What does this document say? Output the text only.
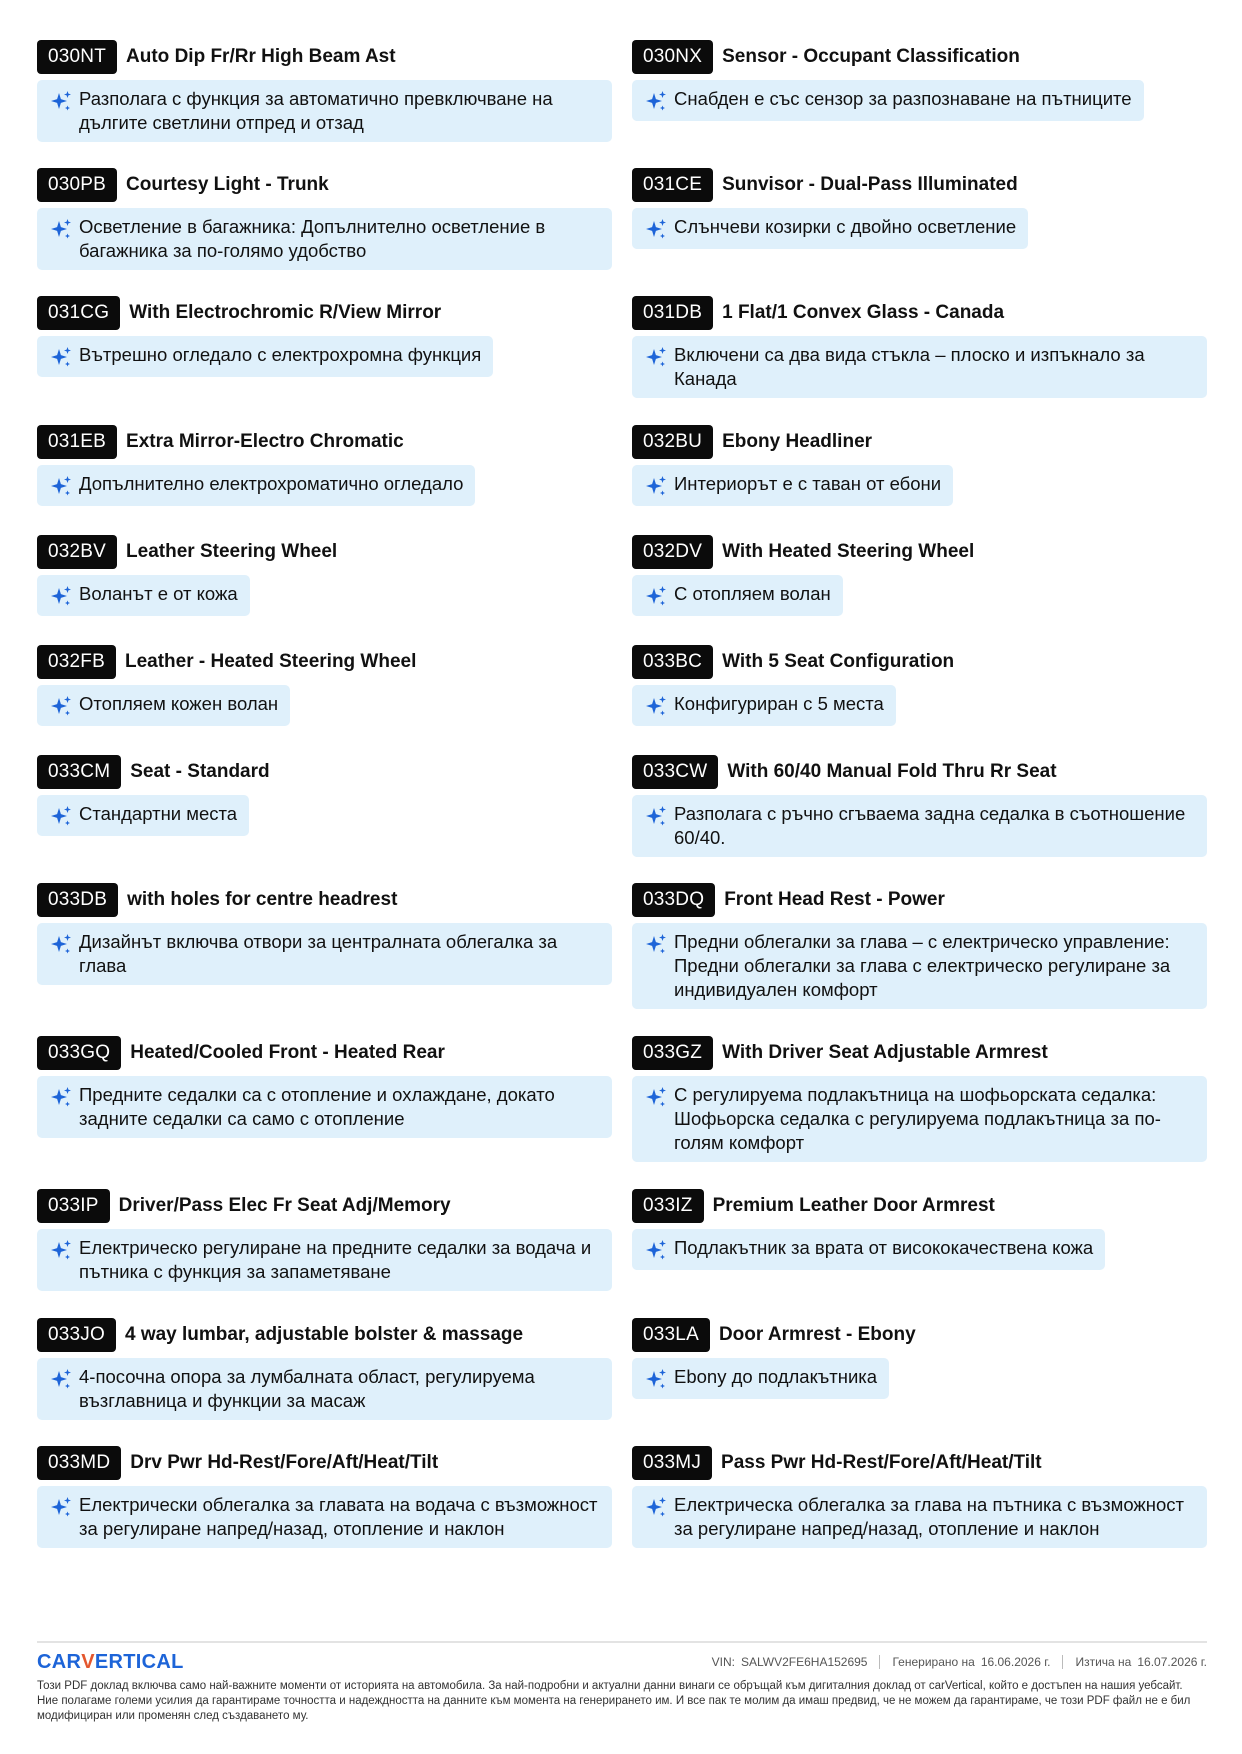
030NT	Auto Dip Fr/Rr High Beam Ast
Разполага с функция за автоматично превключване на дългите светлини отпред и отзад
030NX	Sensor - Occupant Classification
Снабден е със сензор за разпознаване на пътниците
030PB	Courtesy Light - Trunk
Осветление в багажника: Допълнително осветление в багажника за по-голямо удобство
031CE	Sunvisor - Dual-Pass Illuminated
Слънчеви козирки с двойно осветление
031CG	With Electrochromic R/View Mirror
Вътрешно огледало с електрохромна функция
031DB	1 Flat/1 Convex Glass - Canada
Включени са два вида стъкла – плоско и изпъкнало за Канада
031EB	Extra Mirror-Electro Chromatic
Допълнително електрохроматично огледало
032BU	Ebony Headliner
Интериорът е с таван от ебони
032BV	Leather Steering Wheel
Воланът е от кожа
032DV	With Heated Steering Wheel
С отопляем волан
032FB	Leather - Heated Steering Wheel
Отопляем кожен волан
033BC	With 5 Seat Configuration
Конфигуриран с 5 места
033CM	Seat - Standard
Стандартни места
033CW	With 60/40 Manual Fold Thru Rr Seat
Разполага с ръчно сгъваема задна седалка в съотношение 60/40.
033DB	with holes for centre headrest
Дизайнът включва отвори за централната облегалка за глава
033DQ	Front Head Rest - Power
Предни облегалки за глава – с електрическо управление: Предни облегалки за глава с електрическо регулиране за индивидуален комфорт
033GQ	Heated/Cooled Front - Heated Rear
Предните седалки са с отопление и охлаждане, докато задните седалки са само с отопление
033GZ	With Driver Seat Adjustable Armrest
С регулируема подлакътница на шофьорската седалка: Шофьорска седалка с регулируема подлакътница за по-голям комфорт
033IP	Driver/Pass Elec Fr Seat Adj/Memory
Електрическо регулиране на предните седалки за водача и пътника с функция за запаметяване
033IZ	Premium Leather Door Armrest
Подлакътник за врата от висококачествена кожа
033JO	4 way lumbar, adjustable bolster & massage
4-посочна опора за лумбалната област, регулируема възглавница и функции за масаж
033LA	Door Armrest - Ebony
Ebony до подлакътника
033MD	Drv Pwr Hd-Rest/Fore/Aft/Heat/Tilt
Електрически облегалка за главата на водача с възможност за регулиране напред/назад, отопление и наклон
033MJ	Pass Pwr Hd-Rest/Fore/Aft/Heat/Tilt
Електрическа облегалка за глава на пътника с възможност за регулиране напред/назад, отопление и наклон
CAR V ERTICAL	VIN: SALWV2FE6HA152695 Генерирано на 16.06.2026 г. Изтича на 16.07.2026 г.
Този PDF доклад включва само най-важните моменти от историята на автомобила. За най-подробни и актуални данни винаги се обръщай към дигиталния доклад от carVertical, който е достъпен на нашия уебсайт. Ние полагаме големи усилия да гарантираме точността и надеждността на данните към момента на генерирането им. И все пак те молим да имаш предвид, че не можем да гарантираме, че този PDF файл не е бил модифициран или променян след създаването му.
